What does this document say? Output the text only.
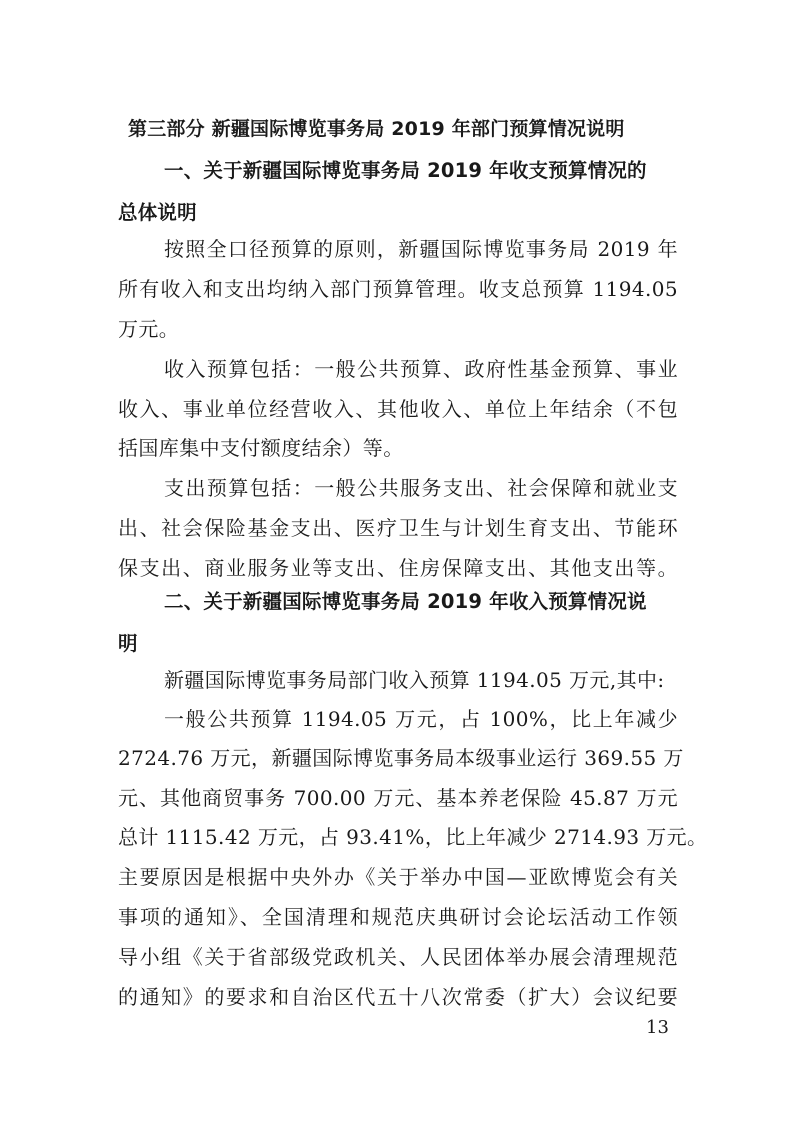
第三部分 新疆国际博览事务局 2019 年部门预算情况说明
一、关于新疆国际博览事务局 2019 年收支预算情况的
总体说明
按照全口径预算的原则，新疆国际博览事务局 2019 年
所有收入和支出均纳入部门预算管理。收支总预算 1194.05
万元。
收入预算包括：一般公共预算、政府性基金预算、事业
收入、事业单位经营收入、其他收入、单位上年结余（不包
括国库集中支付额度结余）等。
支出预算包括：一般公共服务支出、社会保障和就业支
出、社会保险基金支出、医疗卫生与计划生育支出、节能环
保支出、商业服务业等支出、住房保障支出、其他支出等。
二、关于新疆国际博览事务局 2019 年收入预算情况说
明
新疆国际博览事务局部门收入预算 1194.05 万元,其中:
一般公共预算 1194.05 万元，占 100%，比上年减少
2724.76 万元，新疆国际博览事务局本级事业运行 369.55 万
元、其他商贸事务 700.00 万元、基本养老保险 45.87 万元
总计 1115.42 万元，占 93.41%，比上年减少 2714.93 万元。
主要原因是根据中央外办《关于举办中国—亚欧博览会有关
事项的通知》、全国清理和规范庆典研讨会论坛活动工作领
导小组《关于省部级党政机关、人民团体举办展会清理规范
的通知》的要求和自治区代五十八次常委（扩大）会议纪要
13
